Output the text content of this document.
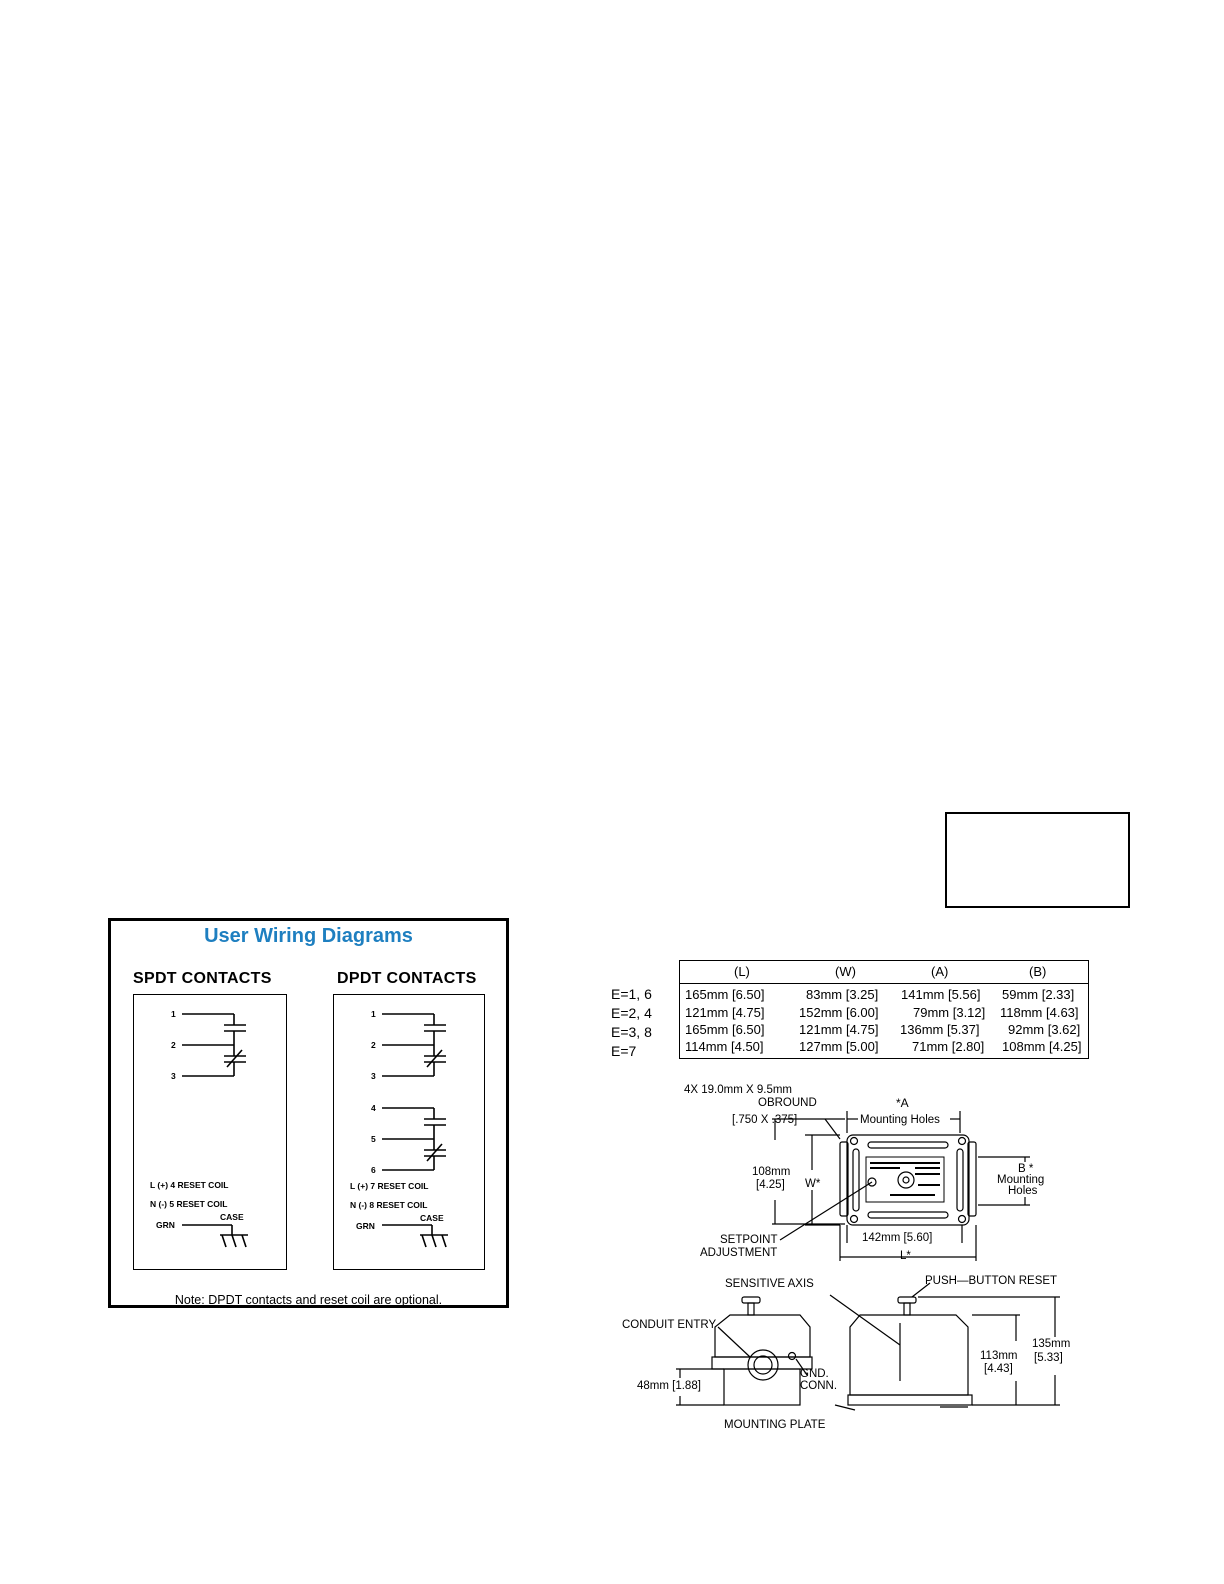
User Wiring Diagrams
SPDT CONTACTS	DPDT CONTACTS
1
2
3
L (+) 4 RESET COIL
N (-) 5 RESET COIL
CASE
GRN
1
2
3
4
5
6
L (+) 7 RESET COIL
N (-) 8 RESET COIL
CASE
GRN
Note: DPDT contacts and reset coil are optional.
E=1, 6
E=2, 4
E=3, 8
E=7
(L)	(W)	(A)	(B)
165mm [6.50]	83mm [3.25] 141mm [5.56] 59mm [2.33]
121mm [4.75]	152mm [6.00]	79mm [3.12] 118mm [4.63]
165mm [6.50]	121mm [4.75] 136mm [5.37] 92mm [3.62]
114mm [4.50]	127mm [5.00]	71mm [2.80] 108mm [4.25]
4X 19.0mm X 9.5mm
OBROUND
[.750 X .375]
*A
Mounting Holes
108mm
[4.25] W*
B *
Mounting
Holes
SETPOINT
ADJUSTMENT
142mm [5.60]
L*
SENSITIVE AXIS	PUSH—BUTTON RESET
CONDUIT ENTRY
GND.
CONN.
48mm [1.88]
113mm
[4.43]
135mm
[5.33]
MOUNTING PLATE
